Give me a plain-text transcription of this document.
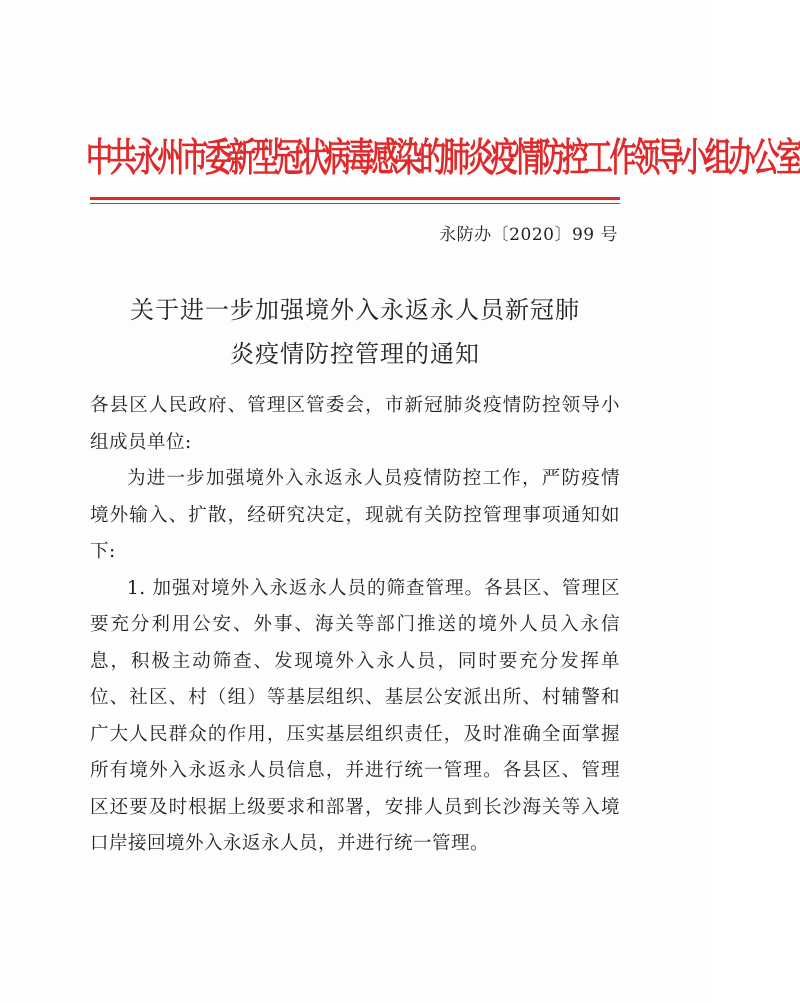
中共永州市委新型冠状病毒感染的肺炎疫情防控工作领导小组办公室
永防办〔2020〕99 号
关于进一步加强境外入永返永人员新冠肺
炎疫情防控管理的通知

各县区人民政府、管理区管委会，市新冠肺炎疫情防控领导小组成员单位:

为进一步加强境外入永返永人员疫情防控工作，严防疫情境外输入、扩散，经研究决定，现就有关防控管理事项通知如下:

1. 加强对境外入永返永人员的筛查管理。各县区、管理区要充分利用公安、外事、海关等部门推送的境外人员入永信息，积极主动筛查、发现境外入永人员，同时要充分发挥单位、社区、村（组）等基层组织、基层公安派出所、村辅警和广大人民群众的作用，压实基层组织责任，及时准确全面掌握所有境外入永返永人员信息，并进行统一管理。各县区、管理区还要及时根据上级要求和部署，安排人员到长沙海关等入境口岸接回境外入永返永人员，并进行统一管理。
